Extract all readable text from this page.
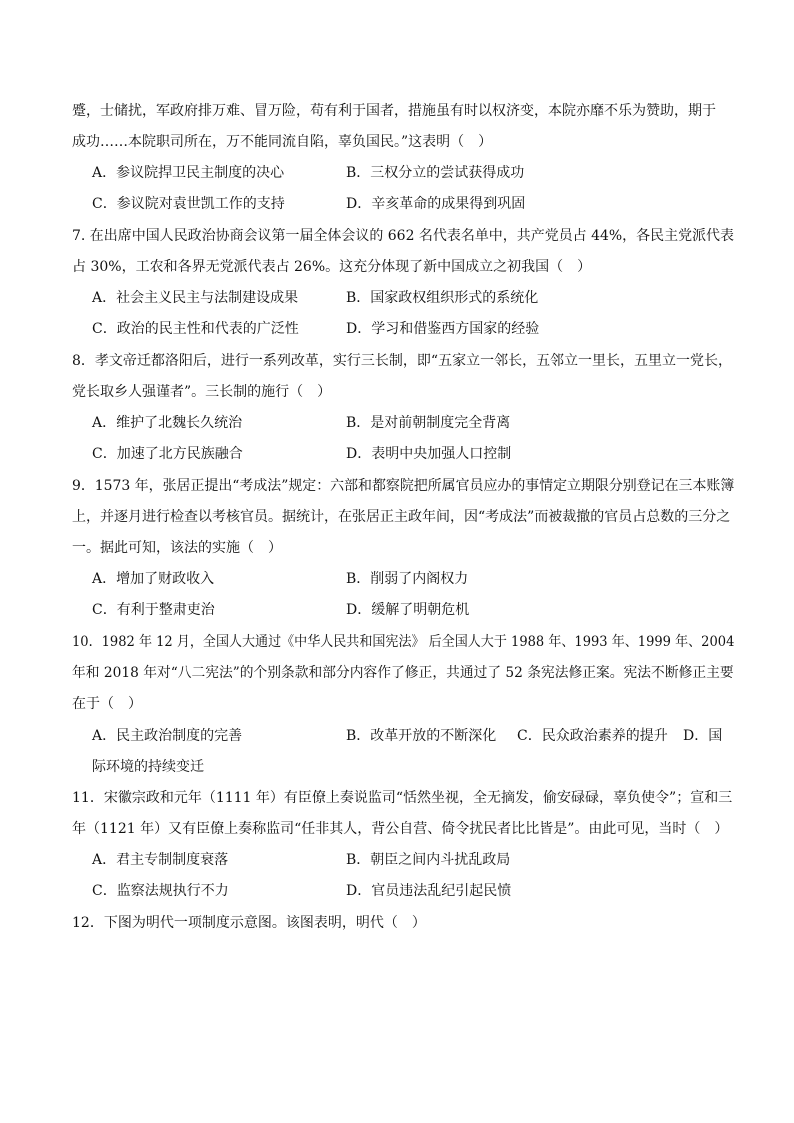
蹙，士储扰，军政府排万难、冒万险，苟有利于国者，措施虽有时以权济变，本院亦靡不乐为赞助，期于
成功……本院职司所在，万不能同流自陷，辜负国民。”这表明（　）
A．参议院捍卫民主制度的决心	B．三权分立的尝试获得成功
C．参议院对袁世凯工作的支持	D．辛亥革命的成果得到巩固
7. 在出席中国人民政治协商会议第一届全体会议的 662 名代表名单中，共产党员占 44%，各民主党派代表
占 30%，工农和各界无党派代表占 26%。这充分体现了新中国成立之初我国（　）
A．社会主义民主与法制建设成果	B．国家政权组织形式的系统化
C．政治的民主性和代表的广泛性	D．学习和借鉴西方国家的经验
8．孝文帝迁都洛阳后，进行一系列改革，实行三长制，即“五家立一邻长，五邻立一里长，五里立一党长，
党长取乡人强谨者”。三长制的施行（　）
A．维护了北魏长久统治	B．是对前朝制度完全背离
C．加速了北方民族融合	D．表明中央加强人口控制
9．1573 年，张居正提出“考成法”规定：六部和都察院把所属官员应办的事情定立期限分别登记在三本账簿
上，并逐月进行检查以考核官员。据统计，在张居正主政年间，因“考成法”而被裁撤的官员占总数的三分之
一。据此可知，该法的实施（　）
A．增加了财政收入	B．削弱了内阁权力
C．有利于整肃吏治	D．缓解了明朝危机
10．1982 年 12 月，全国人大通过《中华人民共和国宪法》 后全国人大于 1988 年、1993 年、1999 年、2004
年和 2018 年对“八二宪法”的个别条款和部分内容作了修正，共通过了 52 条宪法修正案。宪法不断修正主要
在于（　）
A．民主政治制度的完善	B．改革开放的不断深化 C．民众政治素养的提升 D．国
际环境的持续变迁
11．宋徽宗政和元年（1111 年）有臣僚上奏说监司“恬然坐视，全无摘发，偷安碌碌，辜负使令”；宣和三
年（1121 年）又有臣僚上奏称监司“任非其人，背公自营、倚令扰民者比比皆是”。由此可见，当时（　）
A．君主专制制度衰落	B．朝臣之间内斗扰乱政局
C．监察法规执行不力	D．官员违法乱纪引起民愤
12．下图为明代一项制度示意图。该图表明，明代（　）
